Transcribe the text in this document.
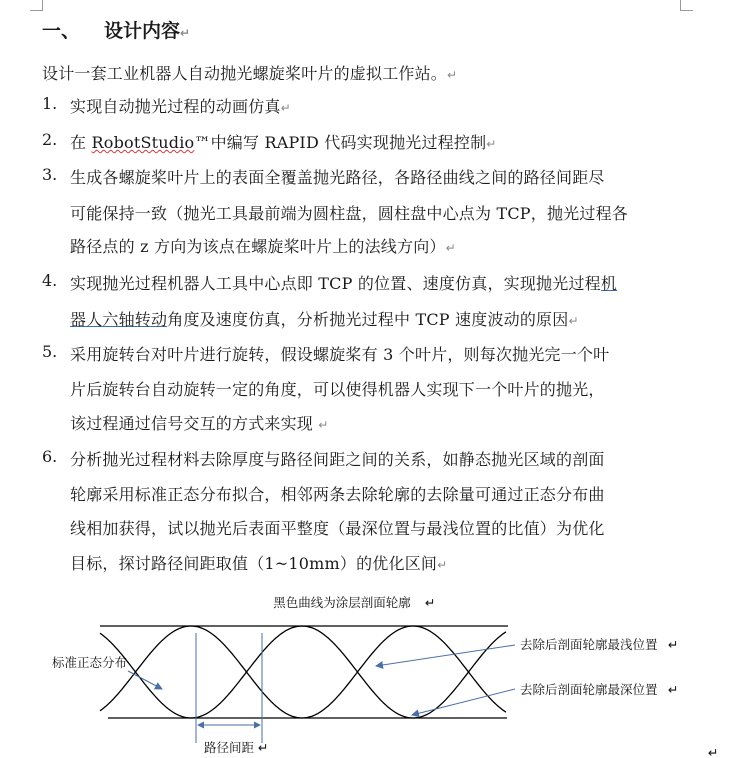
一、 设计内容↵
设计一套工业机器人自动抛光螺旋桨叶片的虚拟工作站。↵
1. 实现自动抛光过程的动画仿真↵
2. 在 RobotStudio™中编写 RAPID 代码实现抛光过程控制↵
3. 生成各螺旋桨叶片上的表面全覆盖抛光路径，各路径曲线之间的路径间距尽
可能保持一致（抛光工具最前端为圆柱盘，圆柱盘中心点为 TCP，抛光过程各
路径点的 z 方向为该点在螺旋桨叶片上的法线方向）↵
4. 实现抛光过程机器人工具中心点即 TCP 的位置、速度仿真，实现抛光过程机
器人六轴转动角度及速度仿真，分析抛光过程中 TCP 速度波动的原因↵
5. 采用旋转台对叶片进行旋转，假设螺旋桨有 3 个叶片，则每次抛光完一个叶
片后旋转台自动旋转一定的角度，可以使得机器人实现下一个叶片的抛光，
该过程通过信号交互的方式来实现 ↵
6. 分析抛光过程材料去除厚度与路径间距之间的关系，如静态抛光区域的剖面
轮廓采用标准正态分布拟合，相邻两条去除轮廓的去除量可通过正态分布曲
线相加获得，试以抛光后表面平整度（最深位置与最浅位置的比值）为优化
目标，探讨路径间距取值（1~10mm）的优化区间↵
黑色曲线为涂层剖面轮廓 ↵
标准正态分布
去除后剖面轮廓最浅位置 ↵
去除后剖面轮廓最深位置 ↵
路径间距 ↵	↵
